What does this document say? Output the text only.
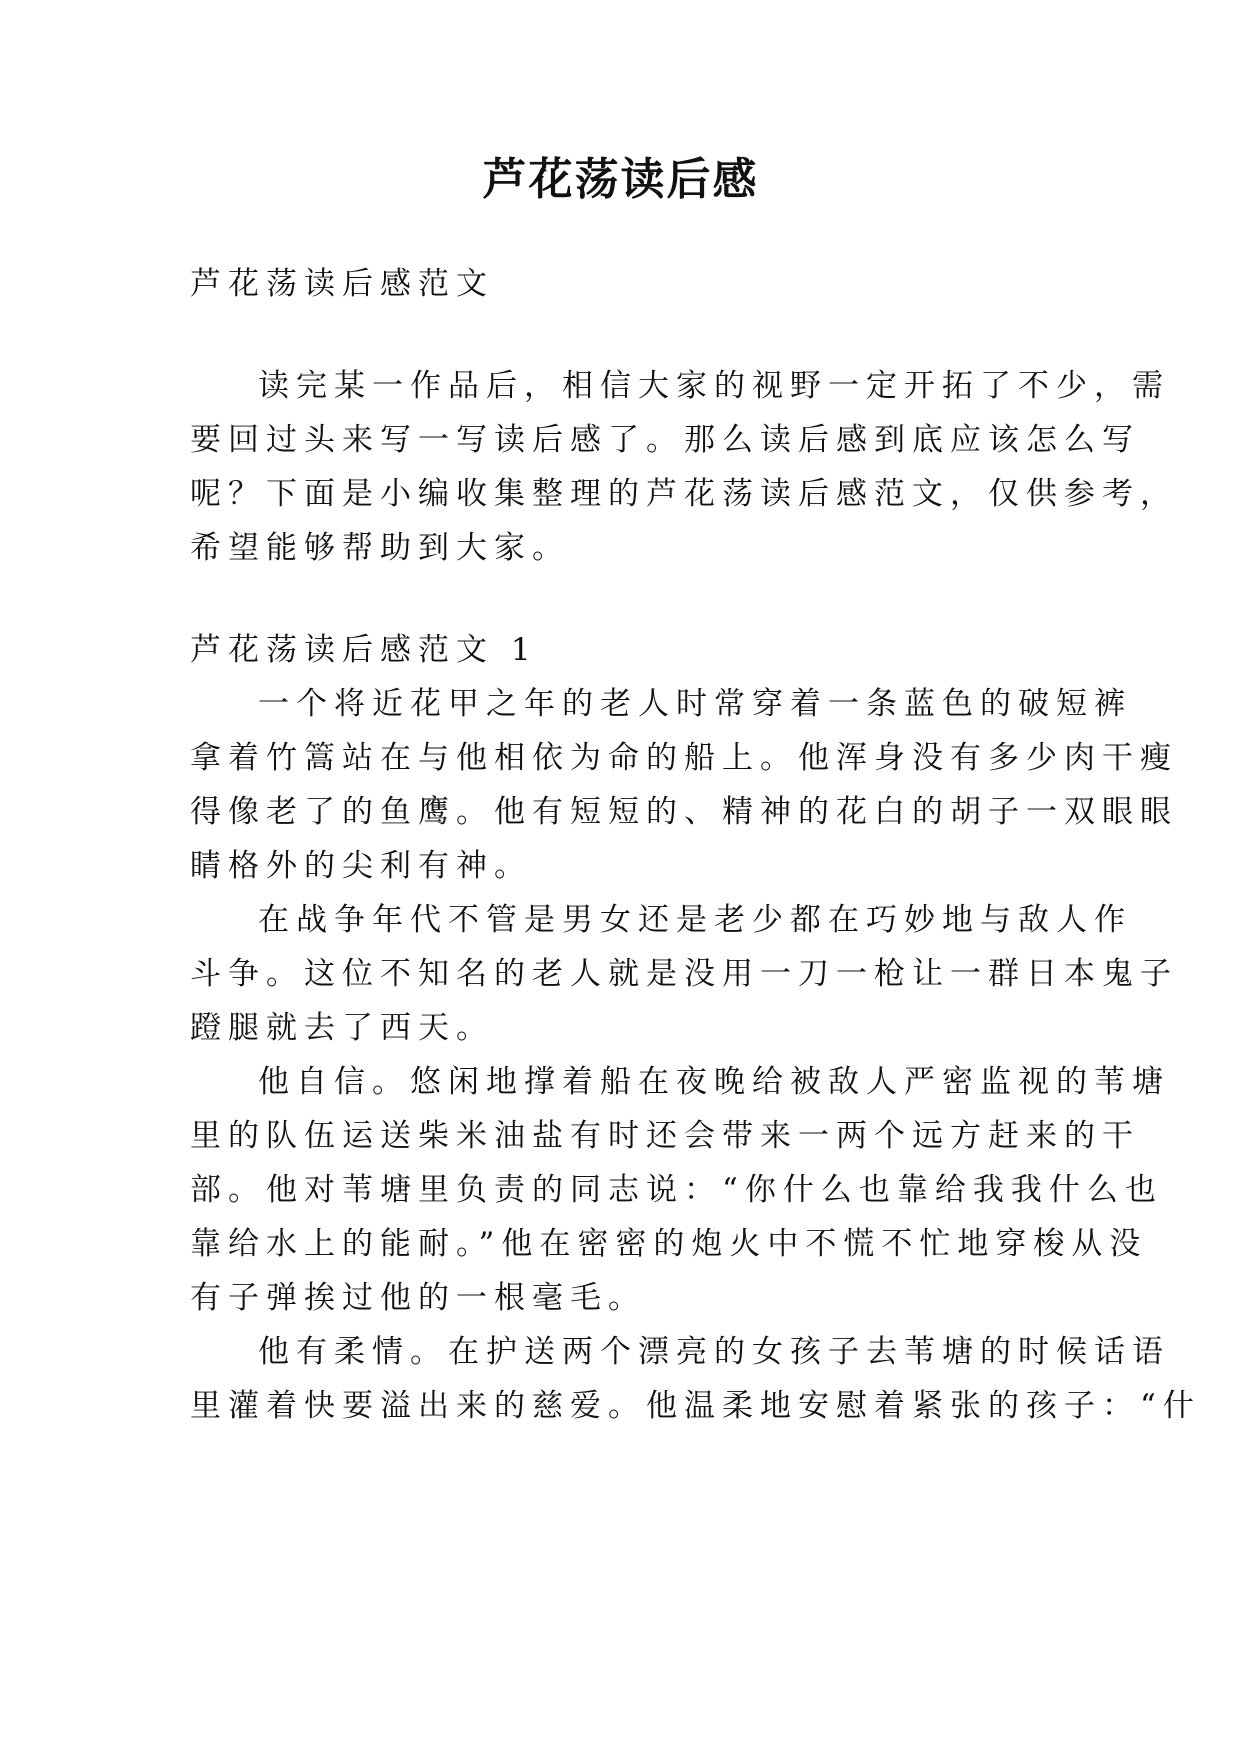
芦花荡读后感
芦花荡读后感范文
读完某一作品后，相信大家的视野一定开拓了不少，需
要回过头来写一写读后感了。那么读后感到底应该怎么写
呢？下面是小编收集整理的芦花荡读后感范文，仅供参考，
希望能够帮助到大家。
芦花荡读后感范文 1
一个将近花甲之年的老人时常穿着一条蓝色的破短裤
拿着竹篙站在与他相依为命的船上。他浑身没有多少肉干瘦
得像老了的鱼鹰。他有短短的、精神的花白的胡子一双眼眼
睛格外的尖利有神。
在战争年代不管是男女还是老少都在巧妙地与敌人作
斗争。这位不知名的老人就是没用一刀一枪让一群日本鬼子
蹬腿就去了西天。
他自信。悠闲地撑着船在夜晚给被敌人严密监视的苇塘
里的队伍运送柴米油盐有时还会带来一两个远方赶来的干
部。他对苇塘里负责的同志说：“你什么也靠给我我什么也
靠给水上的能耐。”他在密密的炮火中不慌不忙地穿梭从没
有子弹挨过他的一根毫毛。
他有柔情。在护送两个漂亮的女孩子去苇塘的时候话语
里灌着快要溢出来的慈爱。他温柔地安慰着紧张的孩子：“什
